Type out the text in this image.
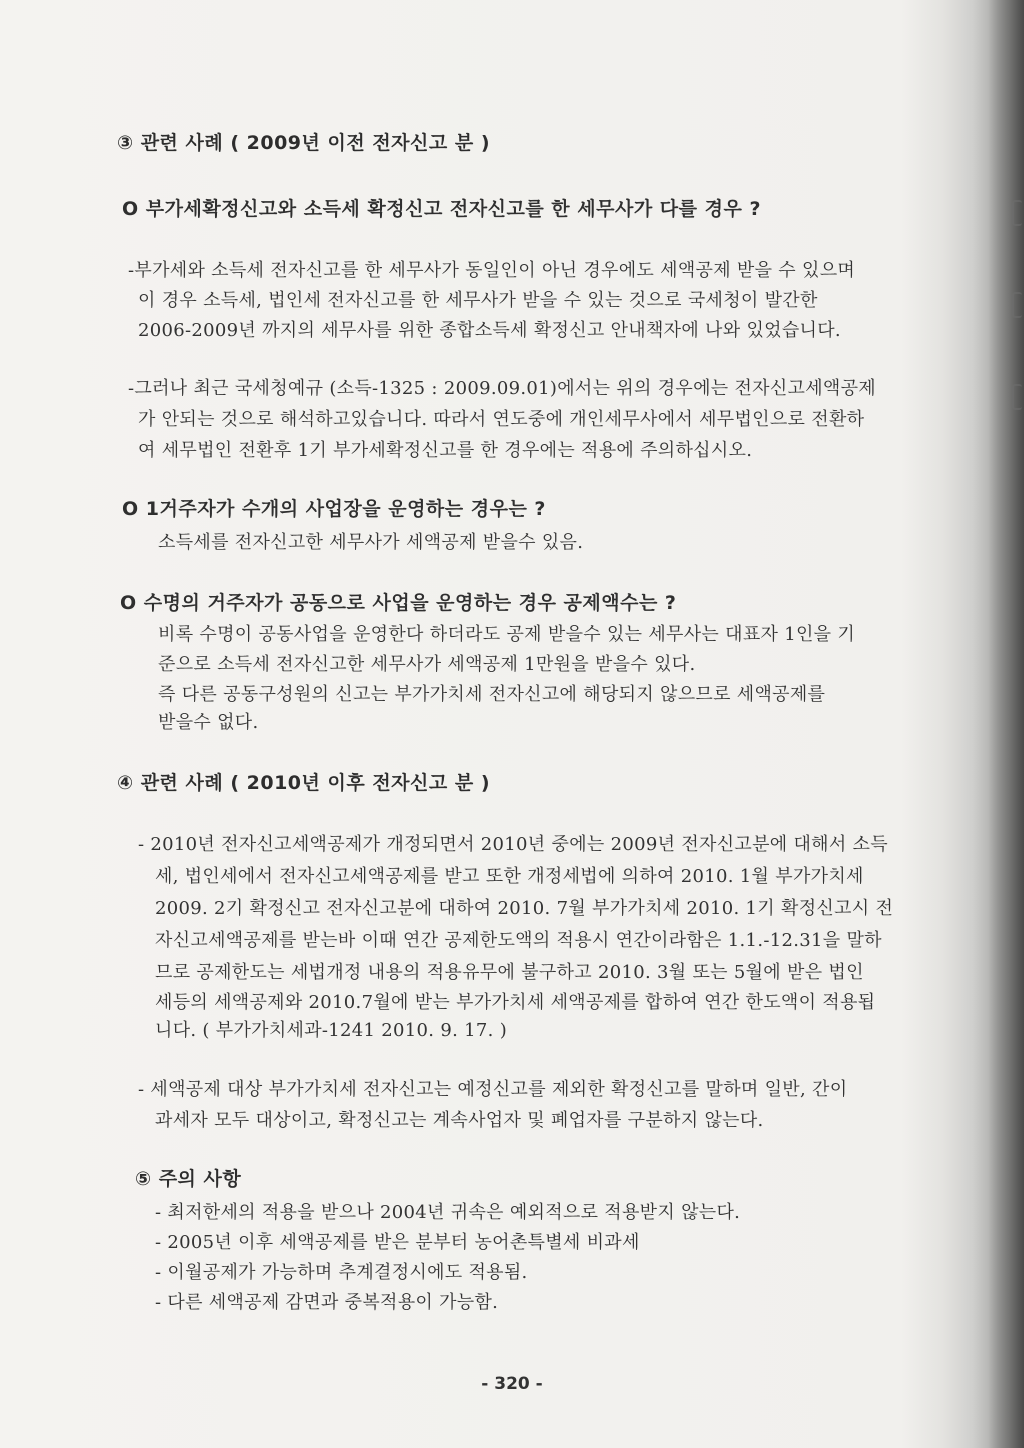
③ 관련 사례 ( 2009년 이전 전자신고 분 )
O 부가세확정신고와 소득세 확정신고 전자신고를 한 세무사가 다를 경우 ?
-부가세와 소득세 전자신고를 한 세무사가 동일인이 아닌 경우에도 세액공제 받을 수 있으며
이 경우 소득세, 법인세 전자신고를 한 세무사가 받을 수 있는 것으로 국세청이 발간한
2006-2009년 까지의 세무사를 위한 종합소득세 확정신고 안내책자에 나와 있었습니다.
-그러나 최근 국세청예규 (소득-1325 : 2009.09.01)에서는 위의 경우에는 전자신고세액공제
가 안되는 것으로 해석하고있습니다. 따라서 연도중에 개인세무사에서 세무법인으로 전환하
여 세무법인 전환후 1기 부가세확정신고를 한 경우에는 적용에 주의하십시오.
O 1거주자가 수개의 사업장을 운영하는 경우는 ?
소득세를 전자신고한 세무사가 세액공제 받을수 있음.
O 수명의 거주자가 공동으로 사업을 운영하는 경우 공제액수는 ?
비록 수명이 공동사업을 운영한다 하더라도 공제 받을수 있는 세무사는 대표자 1인을 기
준으로 소득세 전자신고한 세무사가 세액공제 1만원을 받을수 있다.
즉 다른 공동구성원의 신고는 부가가치세 전자신고에 해당되지 않으므로 세액공제를
받을수 없다.
④ 관련 사례 ( 2010년 이후 전자신고 분 )
- 2010년 전자신고세액공제가 개정되면서 2010년 중에는 2009년 전자신고분에 대해서 소득
세, 법인세에서 전자신고세액공제를 받고 또한 개정세법에 의하여 2010. 1월 부가가치세
2009. 2기 확정신고 전자신고분에 대하여 2010. 7월 부가가치세 2010. 1기 확정신고시 전
자신고세액공제를 받는바 이때 연간 공제한도액의 적용시 연간이라함은 1.1.-12.31을 말하
므로 공제한도는 세법개정 내용의 적용유무에 불구하고 2010. 3월 또는 5월에 받은 법인
세등의 세액공제와 2010.7월에 받는 부가가치세 세액공제를 합하여 연간 한도액이 적용됩
니다. ( 부가가치세과-1241 2010. 9. 17. )
- 세액공제 대상 부가가치세 전자신고는 예정신고를 제외한 확정신고를 말하며 일반, 간이
과세자 모두 대상이고, 확정신고는 계속사업자 및 폐업자를 구분하지 않는다.
⑤ 주의 사항
- 최저한세의 적용을 받으나 2004년 귀속은 예외적으로 적용받지 않는다.
- 2005년 이후 세액공제를 받은 분부터 농어촌특별세 비과세
- 이월공제가 가능하며 추계결정시에도 적용됨.
- 다른 세액공제 감면과 중복적용이 가능함.
- 320 -
